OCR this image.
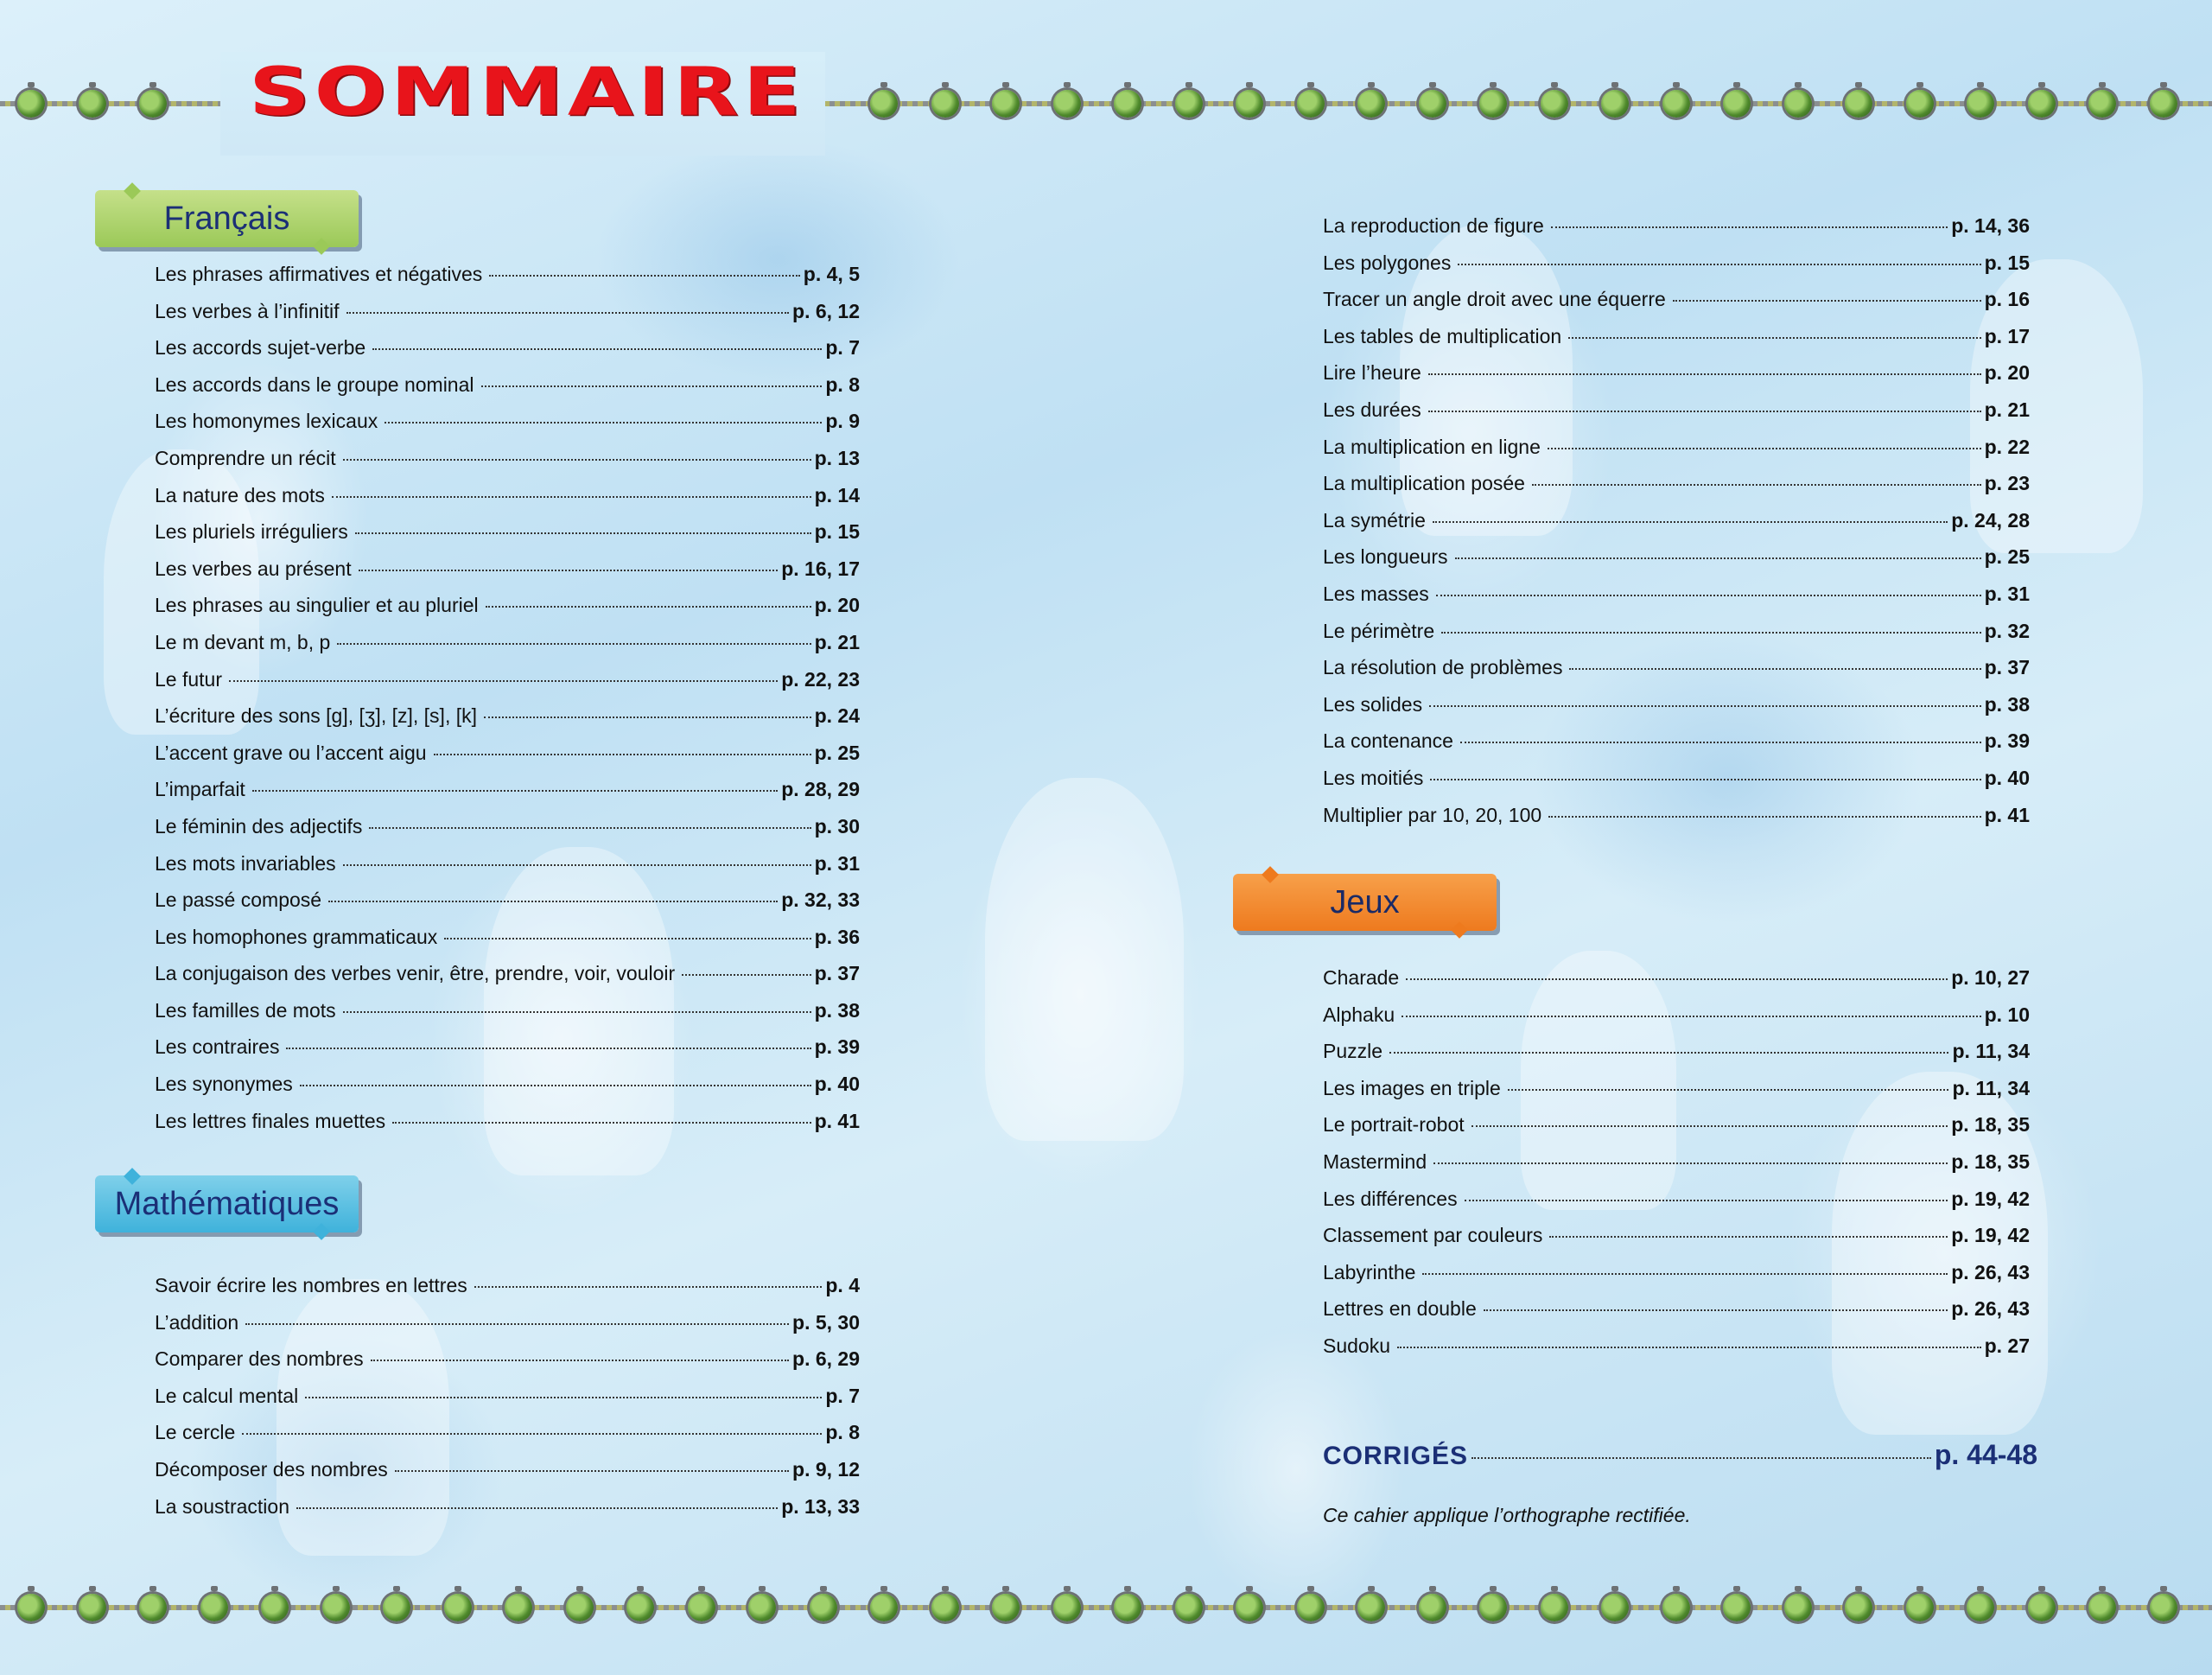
SOMMAIRE
Français
Les phrases affirmatives et négatives	p. 4, 5
Les verbes à l’infinitif	p. 6, 12
Les accords sujet-verbe	p. 7
Les accords dans le groupe nominal	p. 8
Les homonymes lexicaux	p. 9
Comprendre un récit	p. 13
La nature des mots	p. 14
Les pluriels irréguliers	p. 15
Les verbes au présent	p. 16, 17
Les phrases au singulier et au pluriel	p. 20
Le m devant m, b, p	p. 21
Le futur	p. 22, 23
L’écriture des sons [g], [ʒ], [z], [s], [k]	p. 24
L’accent grave ou l’accent aigu	p. 25
L’imparfait	p. 28, 29
Le féminin des adjectifs	p. 30
Les mots invariables	p. 31
Le passé composé	p. 32, 33
Les homophones grammaticaux	p. 36
La conjugaison des verbes venir, être, prendre, voir, vouloir	p. 37
Les familles de mots	p. 38
Les contraires	p. 39
Les synonymes	p. 40
Les lettres finales muettes	p. 41
Mathématiques
Savoir écrire les nombres en lettres	p. 4
L’addition	p. 5, 30
Comparer des nombres	p. 6, 29
Le calcul mental	p. 7
Le cercle	p. 8
Décomposer des nombres	p. 9, 12
La soustraction	p. 13, 33
La reproduction de figure	p. 14, 36
Les polygones	p. 15
Tracer un angle droit avec une équerre	p. 16
Les tables de multiplication	p. 17
Lire l’heure	p. 20
Les durées	p. 21
La multiplication en ligne	p. 22
La multiplication posée	p. 23
La symétrie	p. 24, 28
Les longueurs	p. 25
Les masses	p. 31
Le périmètre	p. 32
La résolution de problèmes	p. 37
Les solides	p. 38
La contenance	p. 39
Les moitiés	p. 40
Multiplier par 10, 20, 100	p. 41
Jeux
Charade	p. 10, 27
Alphaku	p. 10
Puzzle	p. 11, 34
Les images en triple	p. 11, 34
Le portrait-robot	p. 18, 35
Mastermind	p. 18, 35
Les différences	p. 19, 42
Classement par couleurs	p. 19, 42
Labyrinthe	p. 26, 43
Lettres en double	p. 26, 43
Sudoku	p. 27
CORRIGÉS	p. 44-48
Ce cahier applique l’orthographe rectifiée.
